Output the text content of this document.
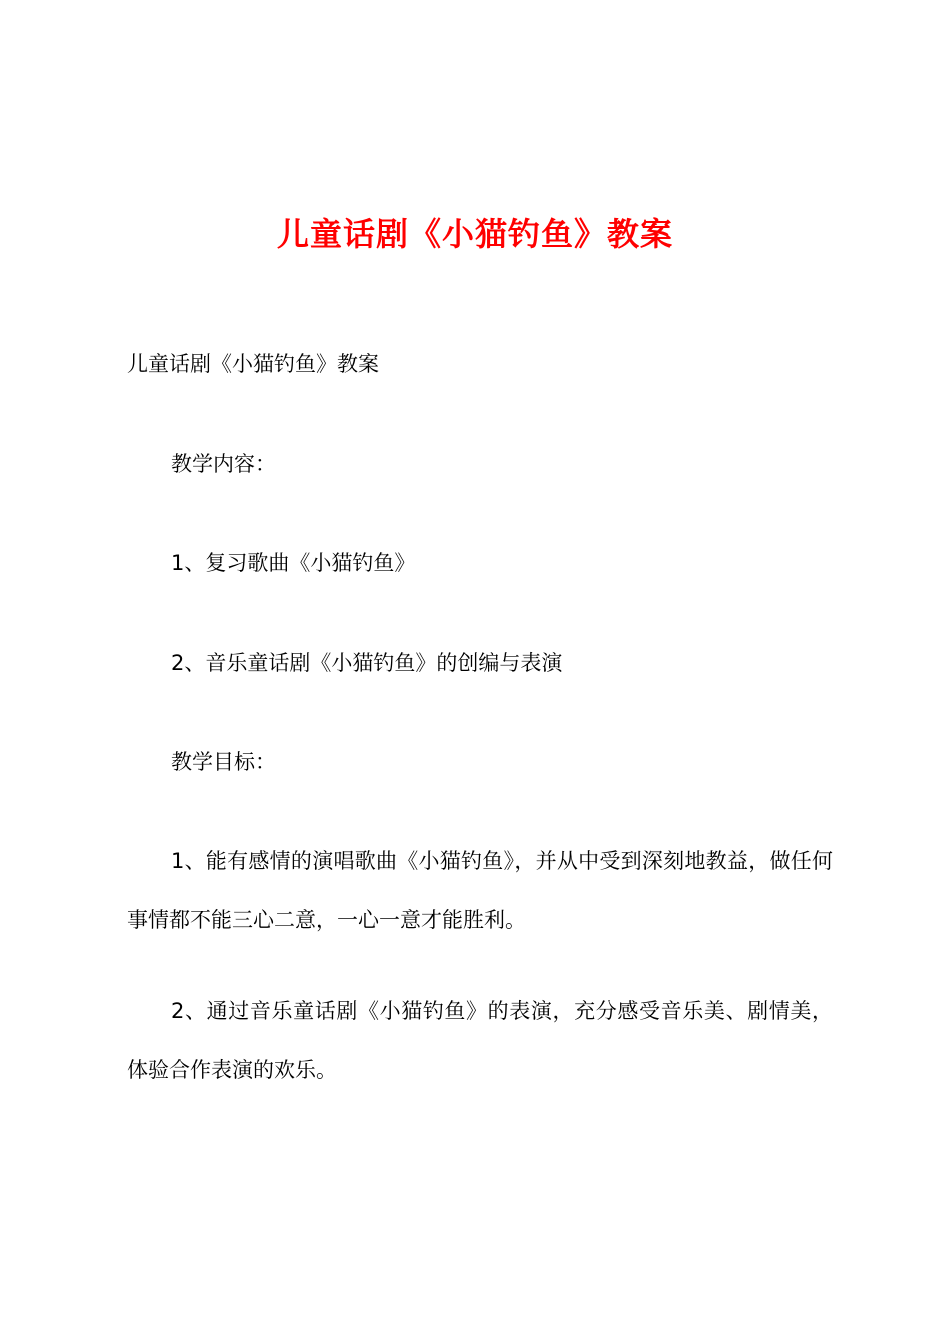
儿童话剧《小猫钓鱼》教案
儿童话剧《小猫钓鱼》教案
教学内容：
1、复习歌曲《小猫钓鱼》
2、音乐童话剧《小猫钓鱼》的创编与表演
教学目标：
1、能有感情的演唱歌曲《小猫钓鱼》，并从中受到深刻地教益，做任何事情都不能三心二意，一心一意才能胜利。
2、通过音乐童话剧《小猫钓鱼》的表演，充分感受音乐美、剧情美，体验合作表演的欢乐。
